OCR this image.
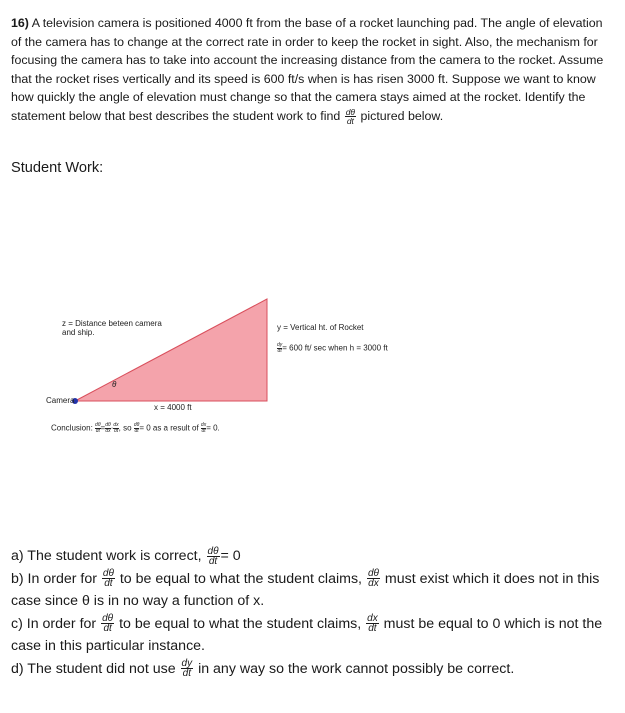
16) A television camera is positioned 4000 ft from the base of a rocket launching pad. The angle of elevation of the camera has to change at the correct rate in order to keep the rocket in sight. Also, the mechanism for focusing the camera has to take into account the increasing distance from the camera to the rocket. Assume that the rocket rises vertically and its speed is 600 ft/s when is has risen 3000 ft. Suppose we want to know how quickly the angle of elevation must change so that the camera stays aimed at the rocket. Identify the statement below that best describes the student work to find $\frac{d\theta}{dt}$ pictured below.
Student Work:
z = Distance beteen camera
and ship.
y = Vertical ht. of Rocket
$\frac{dy}{dt} = 600$ ft/ sec when h = 3000 ft
θ
Camera
x = 4000 ft
Conclusion: $\frac{d\theta}{dt} = \frac{d\theta}{dx} \cdot \frac{dx}{dt}$ , so $\frac{d\theta}{dt} = 0$ as a result of $\frac{dx}{dt} = 0$.
a) The student work is correct, $\frac{d\theta}{dt} = 0$
b) In order for $\frac{d\theta}{dt}$ to be equal to what the student claims, $\frac{d\theta}{dx}$ must exist which it does not in this case since θ is in no way a function of x.
c) In order for $\frac{d\theta}{dt}$ to be equal to what the student claims, $\frac{dx}{dt}$ must be equal to 0 which is not the case in this particular instance.
d) The student did not use $\frac{dy}{dt}$ in any way so the work cannot possibly be correct.
